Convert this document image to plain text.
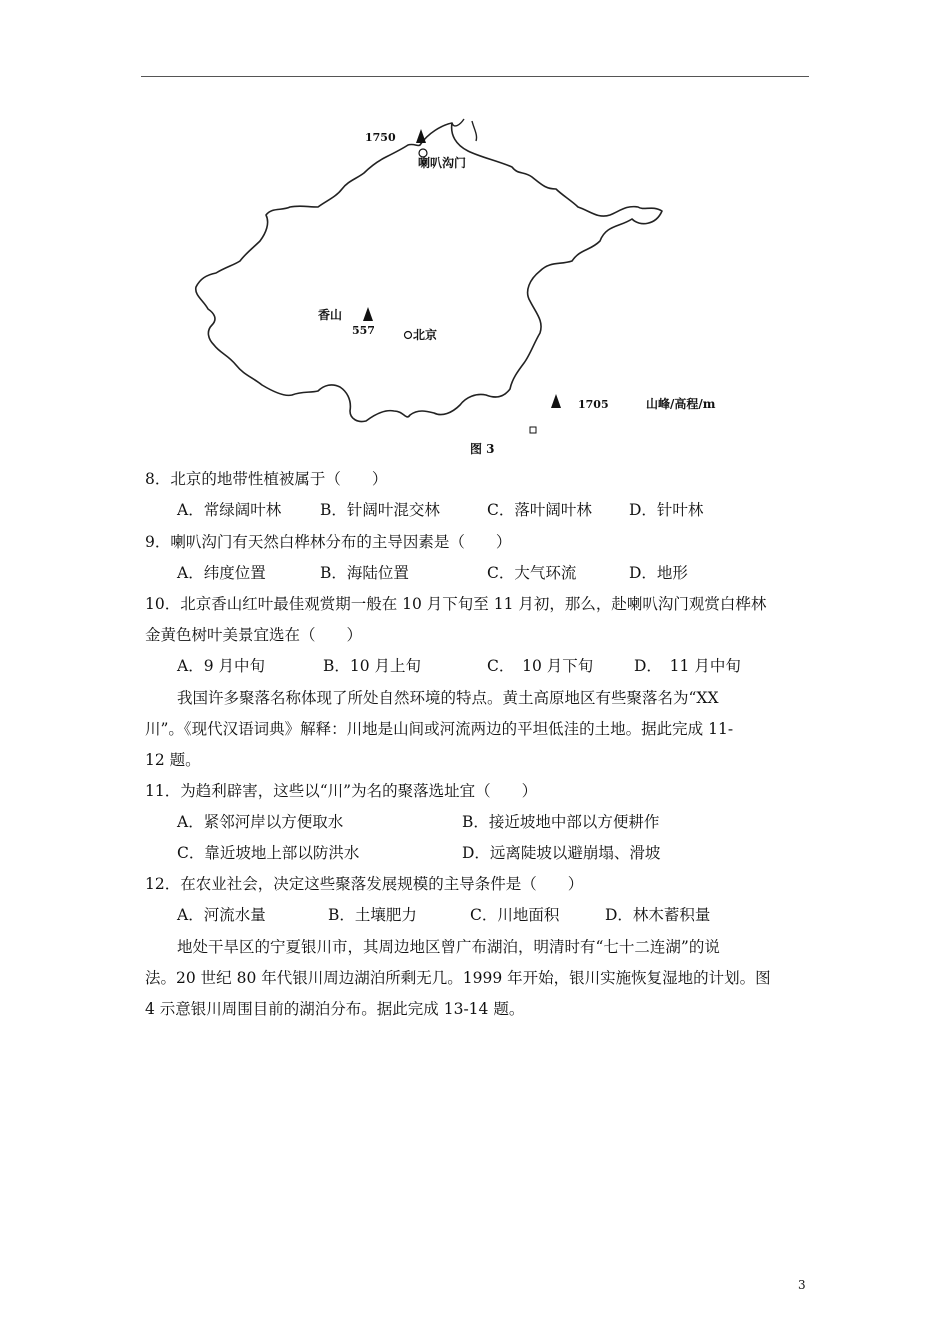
1750
喇叭沟门
香山
557	北京
1705	山峰/高程/m
图 3
8．北京的地带性植被属于（　　）
A．常绿阔叶林	B．针阔叶混交林	C．落叶阔叶林 D．针叶林
9．喇叭沟门有天然白桦林分布的主导因素是（　　）
A．纬度位置	B．海陆位置	C．大气环流	D．地形
10．北京香山红叶最佳观赏期一般在 10 月下旬至 11 月初，那么，赴喇叭沟门观赏白桦林
金黄色树叶美景宜选在（　　）
A．9 月中旬	B．10 月上旬	C．　10 月下旬	D．　11 月中旬
我国许多聚落名称体现了所处自然环境的特点。黄土高原地区有些聚落名为“XX
川”。《现代汉语词典》解释：川地是山间或河流两边的平坦低洼的土地。据此完成 11-
12 题。
11．为趋利辟害，这些以“川”为名的聚落选址宜（　　）
A．紧邻河岸以方便取水	B．接近坡地中部以方便耕作
C．靠近坡地上部以防洪水	D．远离陡坡以避崩塌、滑坡
12．在农业社会，决定这些聚落发展规模的主导条件是（　　）
A．河流水量	B．土壤肥力	C．川地面积	D．林木蓄积量
地处干旱区的宁夏银川市，其周边地区曾广布湖泊，明清时有“七十二连湖”的说
法。20 世纪 80 年代银川周边湖泊所剩无几。1999 年开始，银川实施恢复湿地的计划。图
4 示意银川周围目前的湖泊分布。据此完成 13-14 题。
3
